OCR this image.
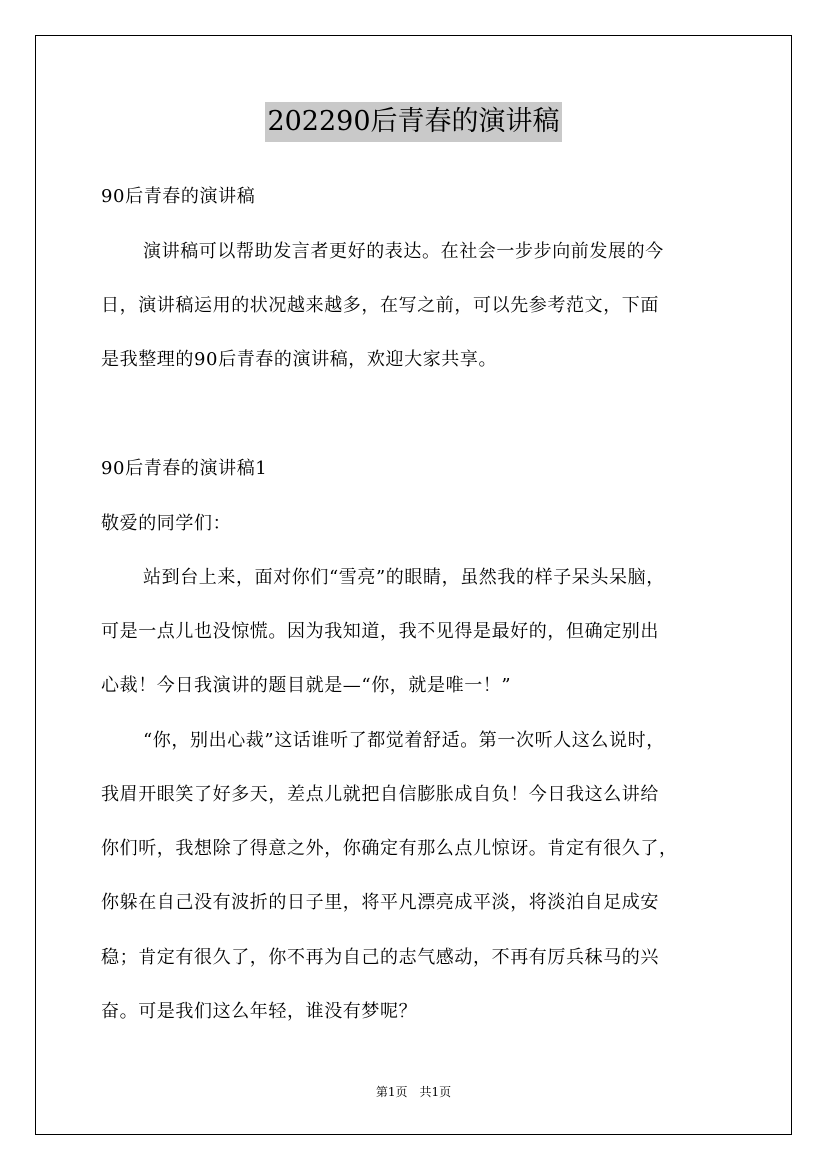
202290后青春的演讲稿
90后青春的演讲稿
演讲稿可以帮助发言者更好的表达。在社会一步步向前发展的今
日，演讲稿运用的状况越来越多，在写之前，可以先参考范文，下面
是我整理的90后青春的演讲稿，欢迎大家共享。
90后青春的演讲稿1
敬爱的同学们：
站到台上来，面对你们“雪亮”的眼睛，虽然我的样子呆头呆脑，
可是一点儿也没惊慌。因为我知道，我不见得是最好的，但确定别出
心裁！今日我演讲的题目就是—“你，就是唯一！”
“你，别出心裁”这话谁听了都觉着舒适。第一次听人这么说时，
我眉开眼笑了好多天，差点儿就把自信膨胀成自负！今日我这么讲给
你们听，我想除了得意之外，你确定有那么点儿惊讶。肯定有很久了，
你躲在自己没有波折的日子里，将平凡漂亮成平淡，将淡泊自足成安
稳；肯定有很久了，你不再为自己的志气感动，不再有厉兵秣马的兴
奋。可是我们这么年轻，谁没有梦呢？
第1页 共1页
